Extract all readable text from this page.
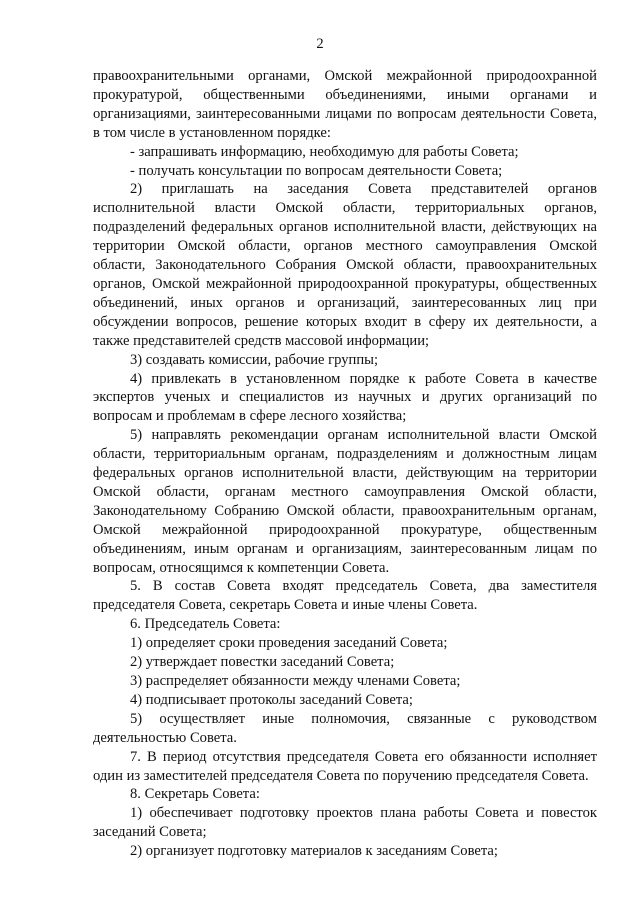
2

правоохранительными органами, Омской межрайонной природоохранной прокуратурой, общественными объединениями, иными органами и организациями, заинтересованными лицами по вопросам деятельности Совета, в том числе в установленном порядке:

- запрашивать информацию, необходимую для работы Совета;

- получать консультации по вопросам деятельности Совета;

2) приглашать на заседания Совета представителей органов исполнительной власти Омской области, территориальных органов, подразделений федеральных органов исполнительной власти, действующих на территории Омской области, органов местного самоуправления Омской области, Законодательного Собрания Омской области, правоохранительных органов, Омской межрайонной природоохранной прокуратуры, общественных объединений, иных органов и организаций, заинтересованных лиц при обсуждении вопросов, решение которых входит в сферу их деятельности, а также представителей средств массовой информации;

3) создавать комиссии, рабочие группы;

4) привлекать в установленном порядке к работе Совета в качестве экспертов ученых и специалистов из научных и других организаций по вопросам и проблемам в сфере лесного хозяйства;

5) направлять рекомендации органам исполнительной власти Омской области, территориальным органам, подразделениям и должностным лицам федеральных органов исполнительной власти, действующим на территории Омской области, органам местного самоуправления Омской области, Законодательному Собранию Омской области, правоохранительным органам, Омской межрайонной природоохранной прокуратуре, общественным объединениям, иным органам и организациям, заинтересованным лицам по вопросам, относящимся к компетенции Совета.

5. В состав Совета входят председатель Совета, два заместителя председателя Совета, секретарь Совета и иные члены Совета.

6. Председатель Совета:

1) определяет сроки проведения заседаний Совета;

2) утверждает повестки заседаний Совета;

3) распределяет обязанности между членами Совета;

4) подписывает протоколы заседаний Совета;

5) осуществляет иные полномочия, связанные с руководством деятельностью Совета.

7. В период отсутствия председателя Совета его обязанности исполняет один из заместителей председателя Совета по поручению председателя Совета.

8. Секретарь Совета:

1) обеспечивает подготовку проектов плана работы Совета и повесток заседаний Совета;

2) организует подготовку материалов к заседаниям Совета;
